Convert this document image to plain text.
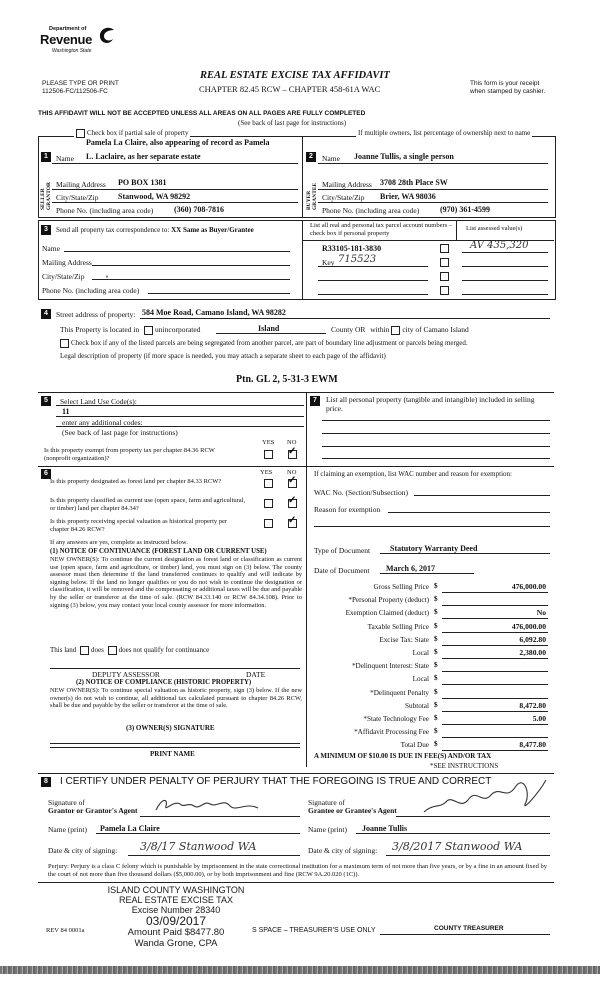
Department of
Revenue
Washington State
PLEASE TYPE OR PRINT
112506-FC/112506-FC
REAL ESTATE EXCISE TAX AFFIDAVIT
CHAPTER 82.45 RCW – CHAPTER 458-61A WAC
This form is your receipt
when stamped by cashier.
THIS AFFIDAVIT WILL NOT BE ACCEPTED UNLESS ALL AREAS ON ALL PAGES ARE FULLY COMPLETED
(See back of last page for instructions)
Check box if partial sale of property	If multiple owners, list percentage of ownership next to name
1
SELLER GRANTOR
Name
Pamela La Claire, also appearing of record as Pamela
L. Laclaire, as her separate estate
Mailing Address PO BOX 1381
City/State/Zip Stanwood, WA 98292
Phone No. (including area code)	(360) 708-7816
2
BUYER GRANTEE
Name Joanne Tullis, a single person
Mailing Address 3708 28th Place SW
City/State/Zip Brier, WA 98036
Phone No. (including area code)	(970) 361-4599
3	Send all property tax correspondence to: XX Same as Buyer/Grantee
Name
Mailing Address
City/State/Zip	,
Phone No. (including area code)
List all real and personal tax parcel account numbers – check box if personal property
List assessed value(s)
R33105-181-3830	AV 435,320
Key 715523
4	Street address of property: 584 Moe Road, Camano Island, WA 98282
This Property is located in unincorporated	Island	County OR within city of Camano Island
Check box if any of the listed parcels are being segregated from another parcel, are part of boundary line adjustment or parcels being merged.
Legal description of property (if more space is needed, you may attach a separate sheet to each page of the affidavit)
Ptn. GL 2, 5-31-3 EWM
5	Select Land Use Code(s):
11
enter any additional codes:
(See back of last page for instructions)
YES NO
Is this property exempt from property tax per chapter 84.36 RCW (nonprofit organization)?
✓
7	List all personal property (tangible and intangible) included in selling price.
6	YES NO
Is this property designated as forest land per chapter 84.33 RCW?	✓
Is this property classified as current use (open space, farm and agricultural, or timber) land per chapter 84.34?
✓
Is this property receiving special valuation as historical property per chapter 84.26 RCW?
✓
If any answers are yes, complete as instructed below.
(1) NOTICE OF CONTINUANCE (FOREST LAND OR CURRENT USE)
NEW OWNER(S): To continue the current designation as forest land or classification as current use (open space, farm and agriculture, or timber) land, you must sign on (3) below. The county assessor must then determine if the land transferred continues to qualify and will indicate by signing below. If the land no longer qualifies or you do not wish to continue the designation or classification, it will be removed and the compensating or additional taxes will be due and payable by the seller or transferor at the time of sale. (RCW 84.33.140 or RCW 84.34.108). Prior to signing (3) below, you may contact your local county assessor for more information.
This land does does not qualify for continuance
DEPUTY ASSESSOR	DATE
(2) NOTICE OF COMPLIANCE (HISTORIC PROPERTY)
NEW OWNER(S): To continue special valuation as historic property, sign (3) below. If the new owner(s) do not wish to continue, all additional tax calculated pursuant to chapter 84.26 RCW, shall be due and payable by the seller or transferor at the time of sale.
(3) OWNER(S) SIGNATURE
PRINT NAME
If claiming an exemption, list WAC number and reason for exemption:
WAC No. (Section/Subsection)
Reason for exemption
Type of Document Statutory Warranty Deed
Date of Document March 6, 2017
Gross Selling Price $	476,000.00
*Personal Property (deduct) $
Exemption Claimed (deduct) $	No
Taxable Selling Price $	476,000.00
Excise Tax: State $	6,092.80
Local $	2,380.00
*Delinquent Interest: State $
Local $
*Delinquent Penalty $
Subtotal $	8,472.80
*State Technology Fee $	5.00
*Affidavit Processing Fee $
Total Due $	8,477.80
A MINIMUM OF $10.00 IS DUE IN FEE(S) AND/OR TAX
*SEE INSTRUCTIONS
8	I CERTIFY UNDER PENALTY OF PERJURY THAT THE FOREGOING IS TRUE AND CORRECT
Signature of
Grantor or Grantor's Agent
Signature of
Grantee or Grantee's Agent
Name (print) Pamela La Claire	Name (print) Joanne Tullis
Date & city of signing: 3/8/17 Stanwood WA	Date & city of signing: 3/8/2017 Stanwood WA
Perjury: Perjury is a class C felony which is punishable by imprisonment in the state correctional institution for a maximum term of not more than five years, or by a fine in an amount fixed by the court of not more than five thousand dollars ($5,000.00), or by both imprisonment and fine (RCW 9A.20.020 (1C)).
ISLAND COUNTY WASHINGTON
REAL ESTATE EXCISE TAX
Excise Number 28340
03/09/2017
Amount Paid $8477.80
Wanda Grone, CPA
REV 84 0001a	S SPACE – TREASURER'S USE ONLY	COUNTY TREASURER
